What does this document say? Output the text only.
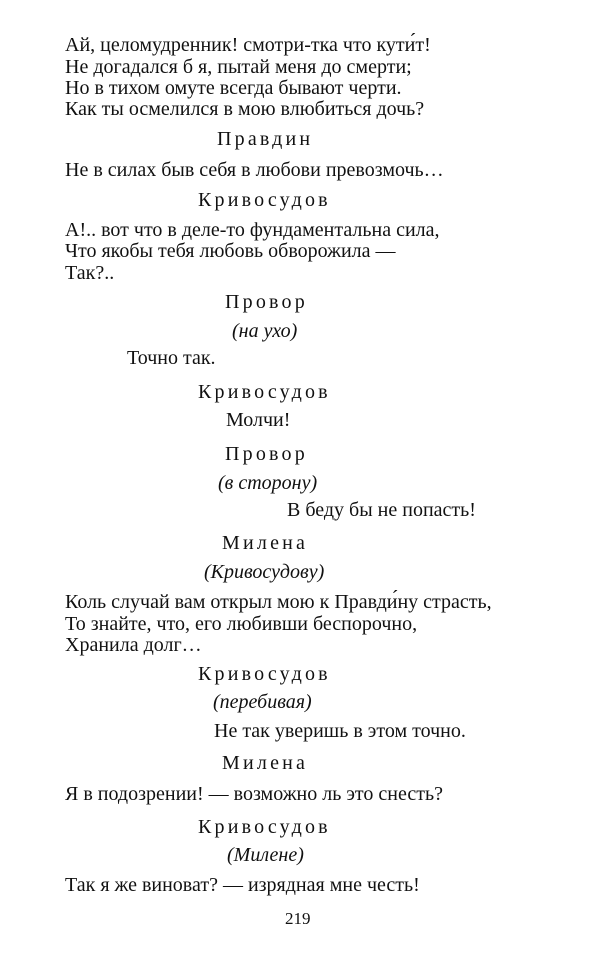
Ай, целомудренник! смотри-тка что кути́т!

Не догадался б я, пытай меня до смерти;

Но в тихом омуте всегда бывают черти.

Как ты осмелился в мою влюбиться дочь?

Правдин

Не в силах быв себя в любови превозмочь…

Кривосудов

А!.. вот что в деле-то фундаментальна сила,

Что якобы тебя любовь обворожила —

Так?..

Провор

(на ухо)

Точно так.

Кривосудов

Молчи!

Провор

(в сторону)

В беду бы не попасть!

Милена

(Кривосудову)

Коль случай вам открыл мою к Правди́ну страсть,

То знайте, что, его любивши беспорочно,

Хранила долг…

Кривосудов

(перебивая)

Не так уверишь в этом точно.

Милена

Я в подозрении! — возможно ль это снесть?

Кривосудов

(Милене)

Так я же виноват? — изрядная мне честь!

219
